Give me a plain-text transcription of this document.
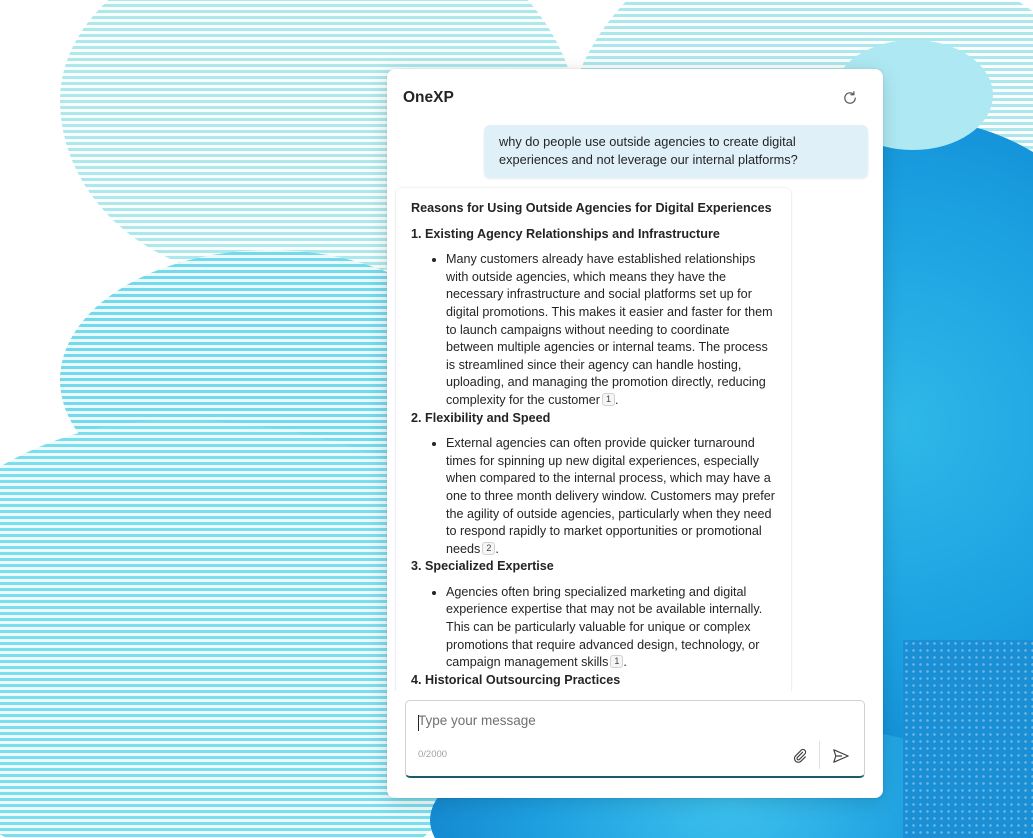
OneXP
why do people use outside agencies to create digital experiences and not leverage our internal platforms?
Reasons for Using Outside Agencies for Digital Experiences
1. Existing Agency Relationships and Infrastructure
• Many customers already have established relationships with outside agencies, which means they have the necessary infrastructure and social platforms set up for digital promotions. This makes it easier and faster for them to launch campaigns without needing to coordinate between multiple agencies or internal teams. The process is streamlined since their agency can handle hosting, uploading, and managing the promotion directly, reducing complexity for the customer 1 .
2. Flexibility and Speed
• External agencies can often provide quicker turnaround times for spinning up new digital experiences, especially when compared to the internal process, which may have a one to three month delivery window. Customers may prefer the agility of outside agencies, particularly when they need to respond rapidly to market opportunities or promotional needs 2 .
3. Specialized Expertise
• Agencies often bring specialized marketing and digital experience expertise that may not be available internally. This can be particularly valuable for unique or complex promotions that require advanced design, technology, or campaign management skills 1 .
4. Historical Outsourcing Practices
Type your message
0/2000
